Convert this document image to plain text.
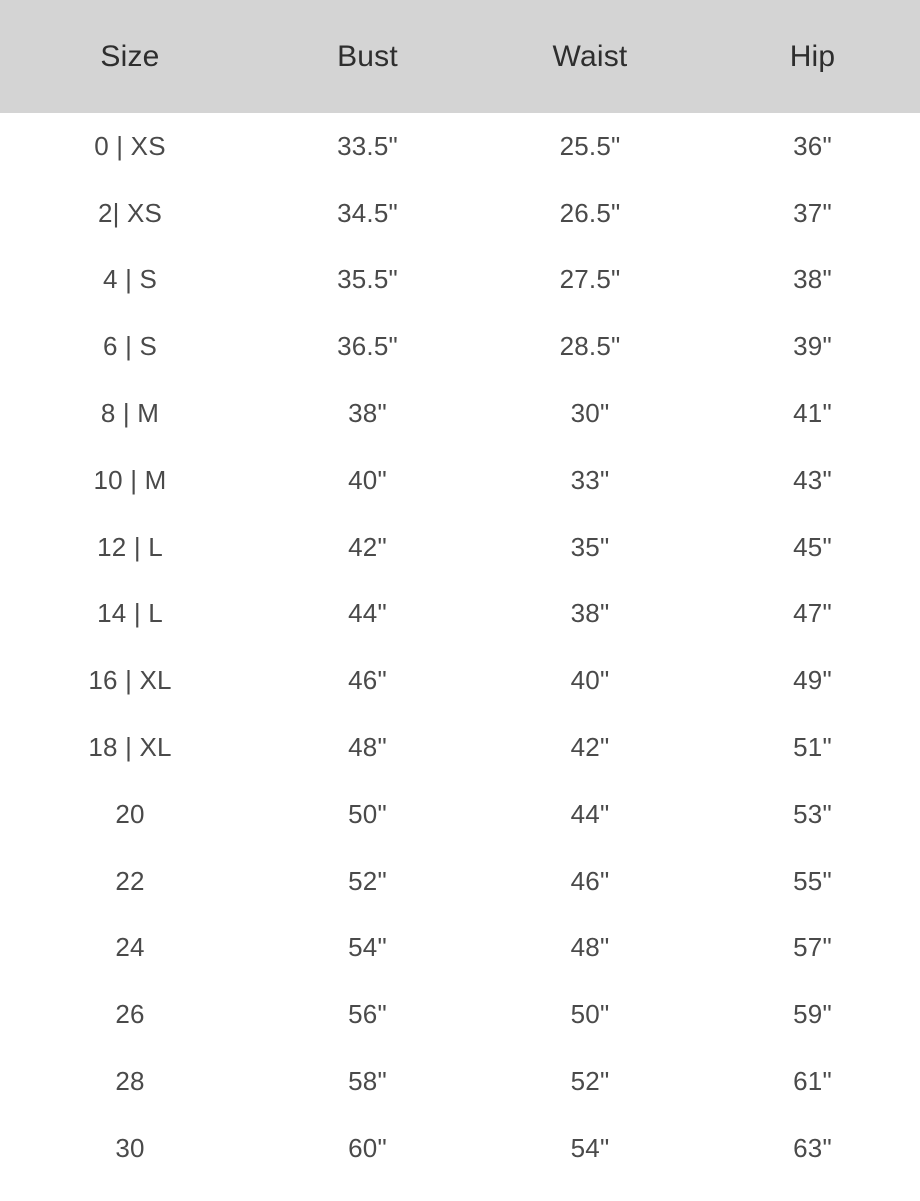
Size	Bust	Waist	Hip
0 | XS	33.5"	25.5"	36"
2| XS	34.5"	26.5"	37"
4 | S	35.5"	27.5"	38"
6 | S	36.5"	28.5"	39"
8 | M	38"	30"	41"
10 | M	40"	33"	43"
12 | L	42"	35"	45"
14 | L	44"	38"	47"
16 | XL	46"	40"	49"
18 | XL	48"	42"	51"
20	50"	44"	53"
22	52"	46"	55"
24	54"	48"	57"
26	56"	50"	59"
28	58"	52"	61"
30	60"	54"	63"
